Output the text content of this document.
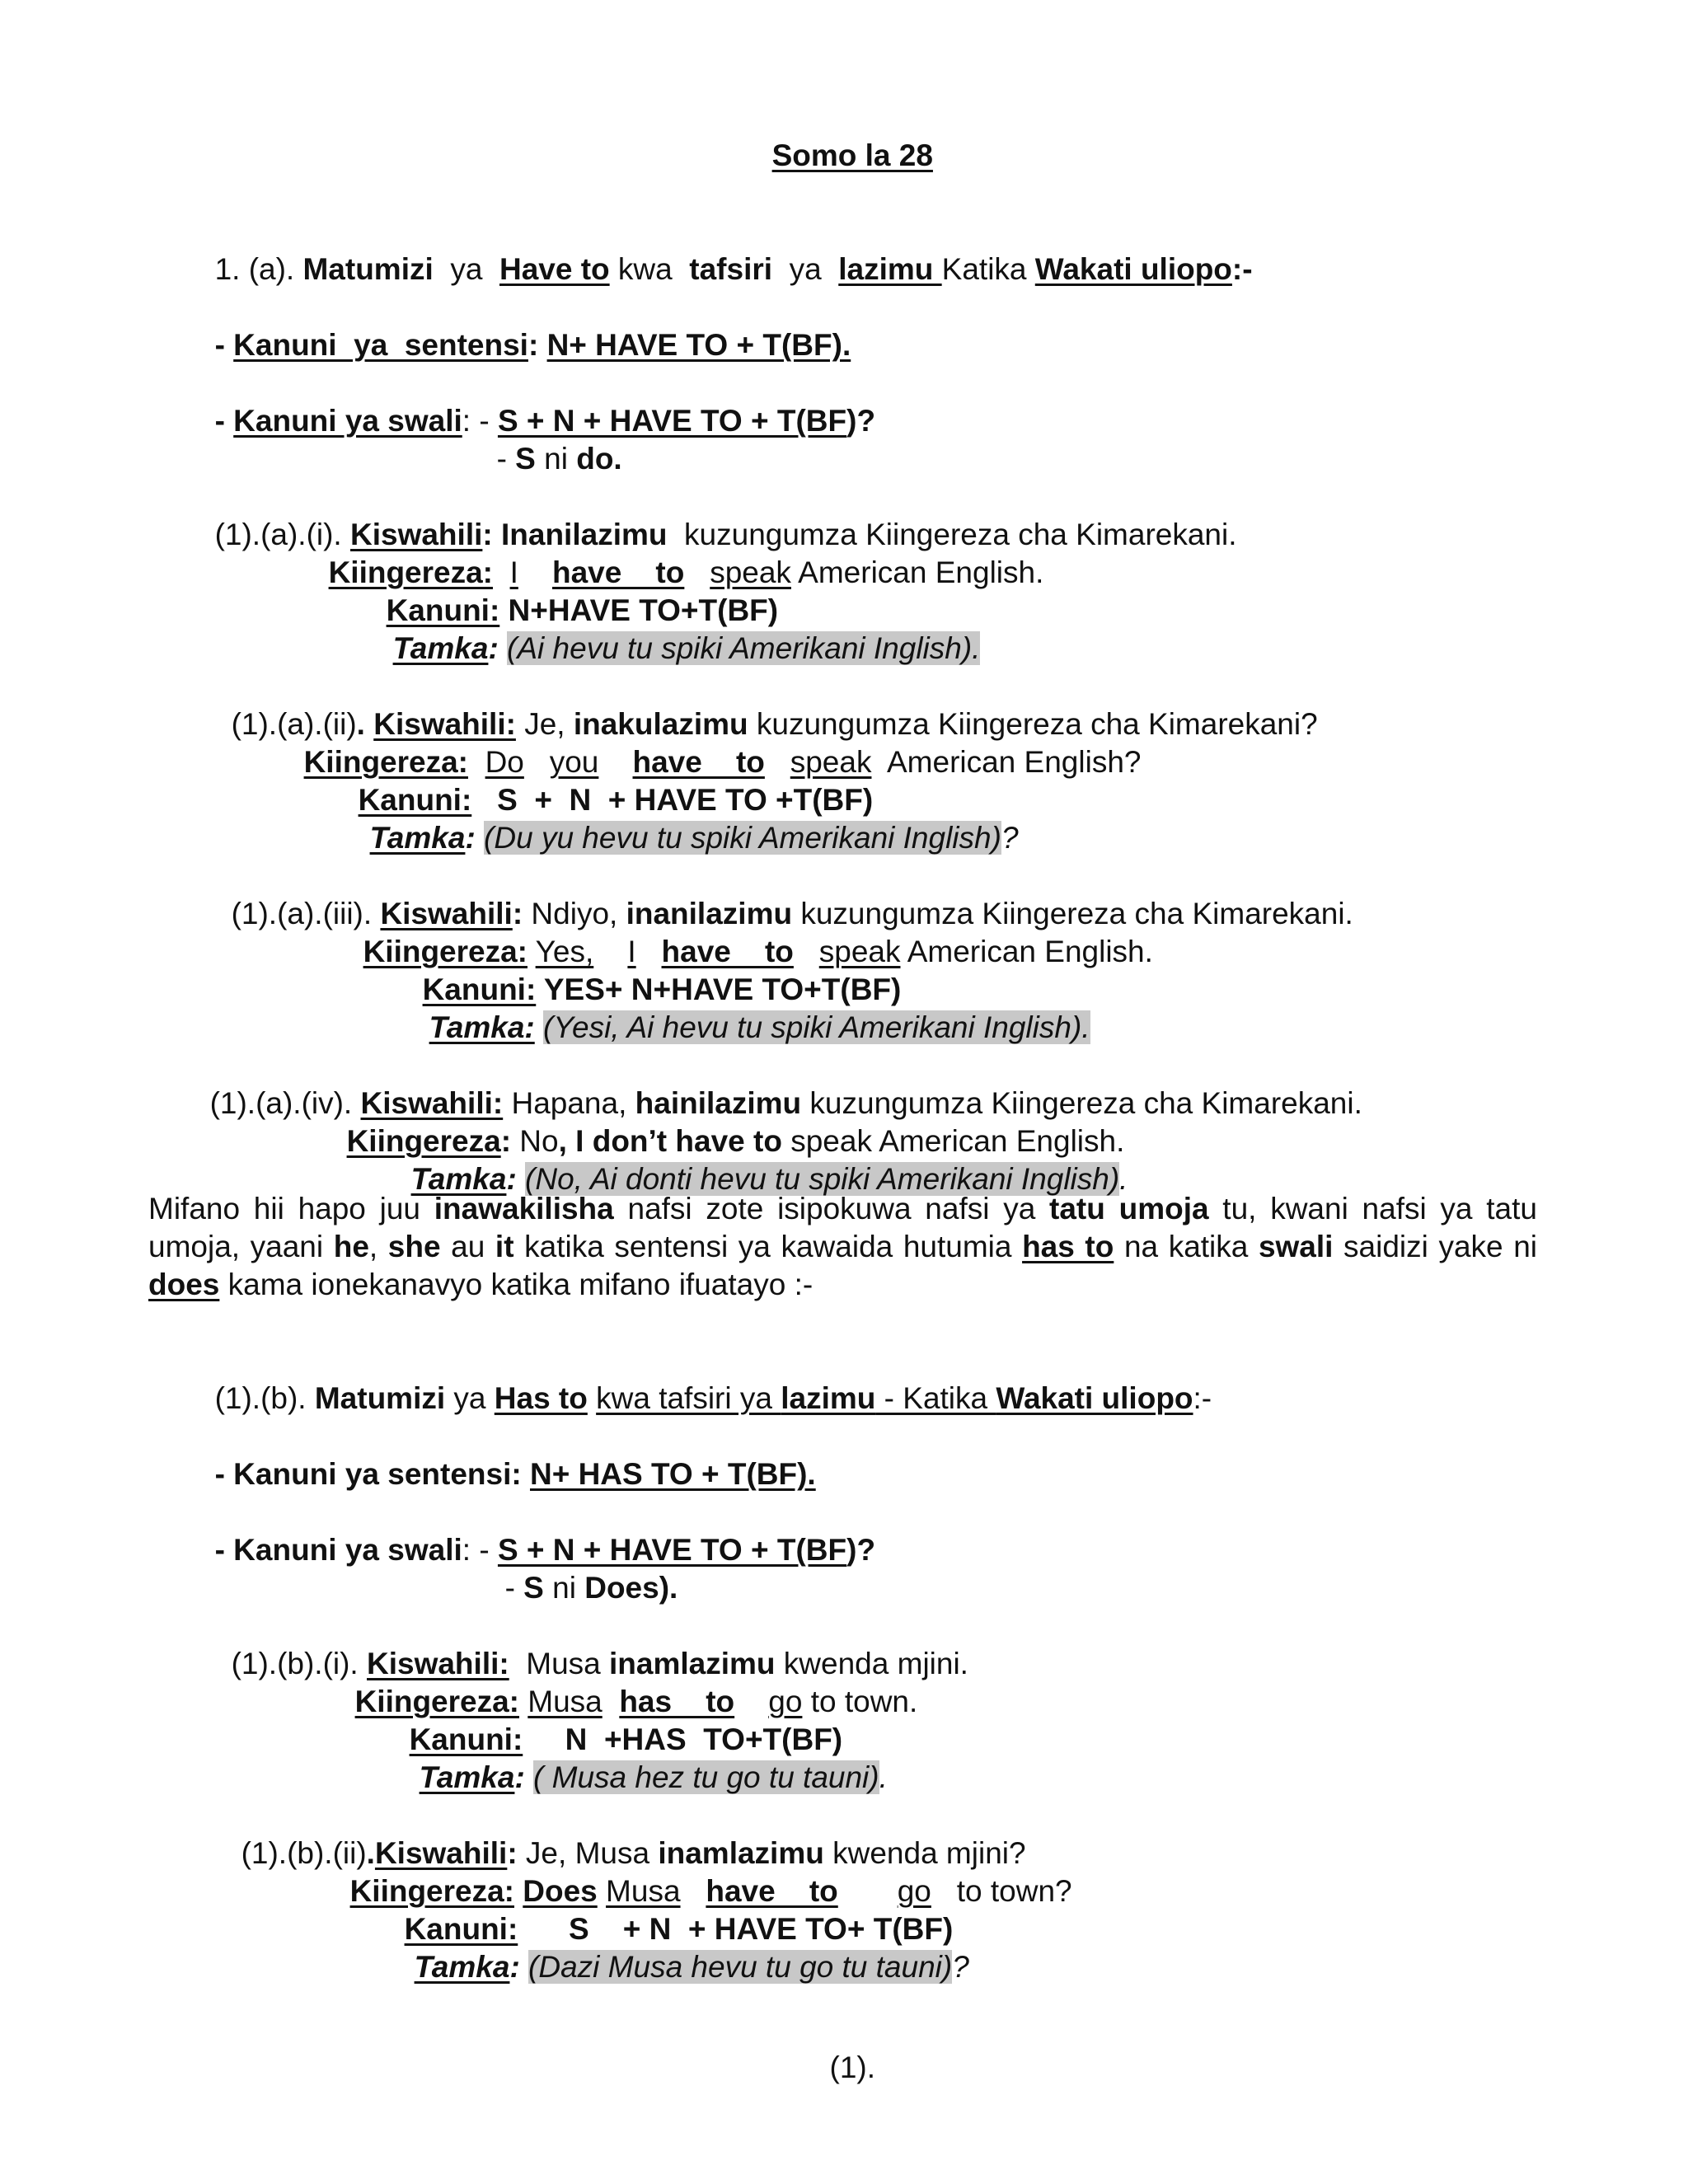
Somo la 28

1. (a). Matumizi  ya  Have to kwa  tafsiri  ya  lazimu Katika Wakati uliopo:-

- Kanuni  ya  sentensi: N+ HAVE TO + T(BF).

- Kanuni ya swali: - S + N + HAVE TO + T(BF)?

- S ni do.

(1).(a).(i). Kiswahili: Inanilazimu  kuzungumza Kiingereza cha Kimarekani.

Kiingereza: I have    to speak American English.

Kanuni: N+HAVE TO+T(BF)

Tamka: (Ai hevu tu spiki Amerikani Inglish).

(1).(a).(ii). Kiswahili: Je, inakulazimu kuzungumza Kiingereza cha Kimarekani?

Kiingereza: Do you have    to speak  American English?

Kanuni:   S  +  N  + HAVE TO +T(BF)

Tamka: (Du yu hevu tu spiki Amerikani Inglish)?

(1).(a).(iii). Kiswahili: Ndiyo, inanilazimu kuzungumza Kiingereza cha Kimarekani.

Kiingereza: Yes, I have    to speak American English.

Kanuni: YES+ N+HAVE TO+T(BF)

Tamka: (Yesi, Ai hevu tu spiki Amerikani Inglish).

(1).(a).(iv). Kiswahili: Hapana, hainilazimu kuzungumza Kiingereza cha Kimarekani.

Kiingereza: No, I don’t have to speak American English.

Tamka: (No, Ai donti hevu tu spiki Amerikani Inglish).

Mifano hii hapo juu inawakilisha nafsi zote isipokuwa nafsi ya tatu umoja tu, kwani nafsi ya tatu umoja, yaani he, she au it katika sentensi ya kawaida hutumia has to na katika swali saidizi yake ni does kama ionekanavyo katika mifano ifuatayo :-

(1).(b). Matumizi ya Has to kwa tafsiri ya lazimu - Katika Wakati uliopo:-

- Kanuni ya sentensi: N+ HAS TO + T(BF).

- Kanuni ya swali: - S + N + HAVE TO + T(BF)?

- S ni Does).

(1).(b).(i). Kiswahili:  Musa inamlazimu kwenda mjini.

Kiingereza: Musa has    to go to town.

Kanuni:     N  +HAS  TO+T(BF)

Tamka: ( Musa hez tu go tu tauni).

(1).(b).(ii).Kiswahili: Je, Musa inamlazimu kwenda mjini?

Kiingereza: Does Musa have    to go   to town?

Kanuni:      S    + N  + HAVE TO+ T(BF)

Tamka: (Dazi Musa hevu tu go tu tauni)?

(1).
